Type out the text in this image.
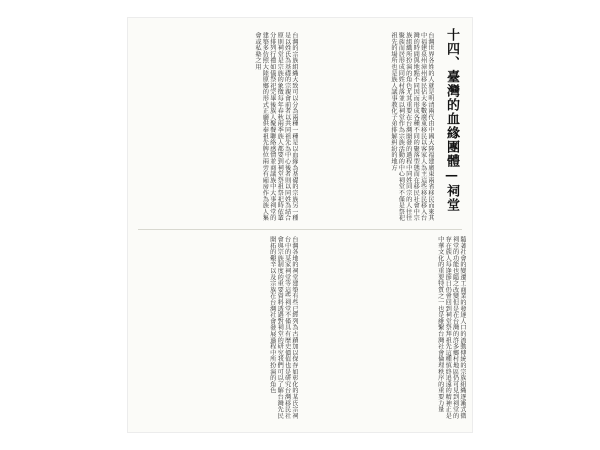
十四、臺灣的血緣團體—祠堂
台灣世界各姓的人就是明清兩代由中國大陸福建廣東兩省移民而來其中福建泉州漳州移民佔大多數廣東移民以客家人為主這些移民移入台灣的時間與地點不同因而形成各種不同的聚落型態而在移民社會中宗族組織所扮演的角色尤其重要在台灣開發的過程中同姓同宗的人往往聚族而居形成同姓村落並以祠堂作為宗族活動的中心祠堂不僅是祭祀祖先的場所也是族人議事教化子弟排解糾紛的地方
台灣的宗族組織大致可以分為兩種一種是以血緣為基礎的宗族另一種是以姓氏為基礎的宗親會前者以共同祖先為中心後者則以同姓為結合原則祠堂是宗族的象徵每年春秋兩季族人都要到祠堂祭祖祭祀時依輩分排列行禮如儀祭祀完畢後族人聚餐聯絡感情並商議族中大事祠堂的建築多仿照大陸原鄉的形式正廳供奉祖先牌位兩旁有廂房作為族人集會或私塾之用
隨著社會的變遷工商業的發達人口的流動傳統的宗族組織逐漸式微祠堂的功能也隨之改變但是在台灣的許多鄉村地區仍可見到祠堂的存在族人每逢節日仍會回到祠堂祭拜祖先這種慎終追遠的精神正是中華文化的重要特質之一也是維繫台灣社會倫理秩序的重要力量
台灣各地的祠堂建築有些已經列為古蹟加以保存如彰化的某氏宗祠台中的某家祠堂等這些祠堂不僅具有歷史價值也是研究台灣移民社會與宗族制度的重要資料透過對祠堂的研究我們可以了解台灣先民開拓的艱辛以及宗族在台灣社會發展過程中所扮演的角色
